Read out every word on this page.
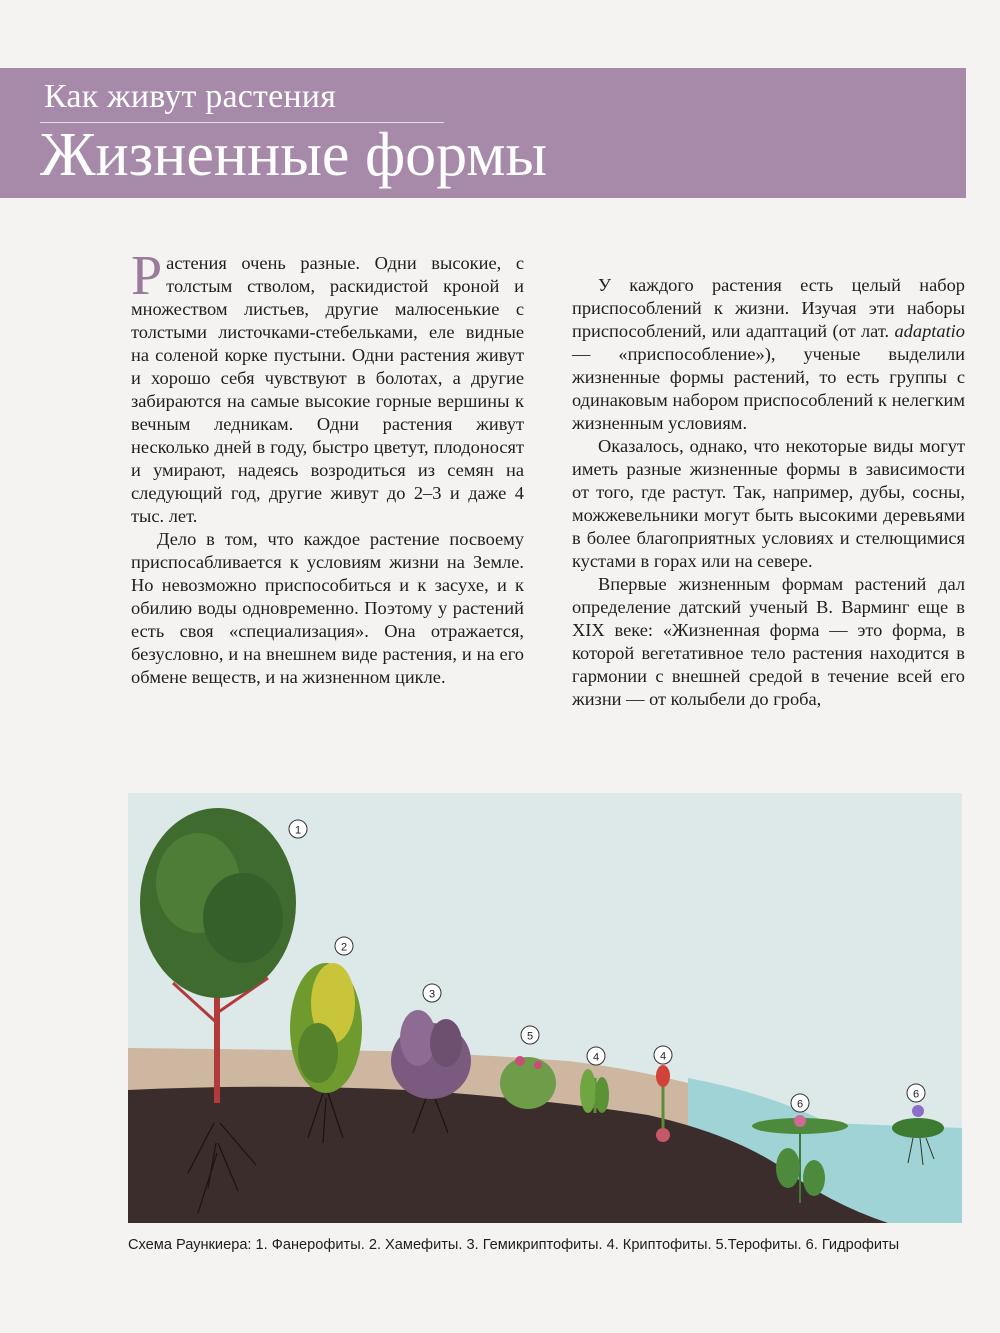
Как живут растения
Жизненные формы

Растения очень разные. Одни высокие, с толстым стволом, раскидистой кроной и множеством листьев, другие малюсенькие с толстыми листочками-стебельками, еле видные на соленой корке пустыни. Одни растения живут и хорошо себя чувствуют в болотах, а другие забираются на самые высокие горные вершины к вечным ледникам. Одни растения живут несколько дней в году, быстро цветут, плодоносят и умирают, надеясь возродиться из семян на следующий год, другие живут до 2–3 и даже 4 тыс. лет.

Дело в том, что каждое растение посвоему приспосабливается к условиям жизни на Земле. Но невозможно приспособиться и к засухе, и к обилию воды одновременно. Поэтому у растений есть своя «специализация». Она отражается, безусловно, и на внешнем виде растения, и на его обмене веществ, и на жизненном цикле.

У каждого растения есть целый набор приспособлений к жизни. Изучая эти наборы приспособлений, или адаптаций (от лат. adaptatio — «приспособление»), ученые выделили жизненные формы растений, то есть группы с одинаковым набором приспособлений к нелегким жизненным условиям.

Оказалось, однако, что некоторые виды могут иметь разные жизненные формы в зависимости от того, где растут. Так, например, дубы, сосны, можжевельники могут быть высокими деревьями в более благоприятных условиях и стелющимися кустами в горах или на севере.

Впервые жизненным формам растений дал определение датский ученый В. Варминг еще в XIX веке: «Жизненная форма — это форма, в которой вегетативное тело растения находится в гармонии с внешней средой в течение всей его жизни — от колыбели до гроба,

1
2
3
5
4	4
6
6
Схема Раункиера: 1. Фанерофиты. 2. Хамефиты. 3. Гемикриптофиты. 4. Криптофиты. 5.Терофиты. 6. Гидрофиты
